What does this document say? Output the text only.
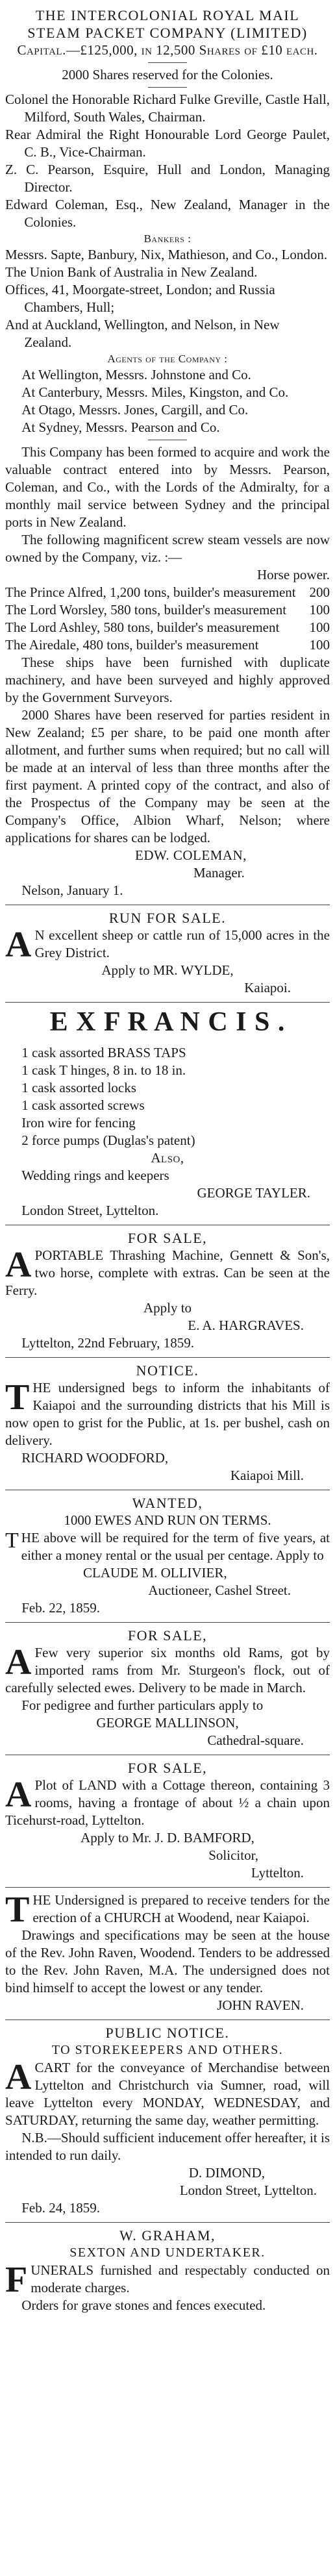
THE INTERCOLONIAL ROYAL MAIL

STEAM PACKET COMPANY (LIMITED)

Capital.—£125,000, in 12,500 Shares of £10 each.

2000 Shares reserved for the Colonies.

Colonel the Honorable Richard Fulke Greville, Castle Hall, Milford, South Wales, Chairman.

Rear Admiral the Right Honourable Lord George Paulet, C. B., Vice-Chairman.

Z. C. Pearson, Esquire, Hull and London, Managing Director.

Edward Coleman, Esq., New Zealand, Manager in the Colonies.

Bankers :

Messrs. Sapte, Banbury, Nix, Mathieson, and Co., London.

The Union Bank of Australia in New Zealand.

Offices, 41, Moorgate-street, London; and Russia Chambers, Hull;

And at Auckland, Wellington, and Nelson, in New Zealand.

Agents of the Company :

At Wellington, Messrs. Johnstone and Co.

At Canterbury, Messrs. Miles, Kingston, and Co.

At Otago, Messrs. Jones, Cargill, and Co.

At Sydney, Messrs. Pearson and Co.

This Company has been formed to acquire and work the valuable contract entered into by Messrs. Pearson, Coleman, and Co., with the Lords of the Admiralty, for a monthly mail service between Sydney and the principal ports in New Zealand.

The following magnificent screw steam vessels are now owned by the Company, viz. :—

Horse power.

The Prince Alfred, 1,200 tons, builder's measurement 200
The Lord Worsley, 580 tons, builder's measurement 100
The Lord Ashley, 580 tons, builder's measurement 100
The Airedale, 480 tons, builder's measurement	100

These ships have been furnished with duplicate machinery, and have been surveyed and highly approved by the Government Surveyors.

2000 Shares have been reserved for parties resident in New Zealand; £5 per share, to be paid one month after allotment, and further sums when required; but no call will be made at an interval of less than three months after the first payment. A printed copy of the contract, and also of the Prospectus of the Company may be seen at the Company's Office, Albion Wharf, Nelson; where applications for shares can be lodged.

EDW. COLEMAN,

Manager.

Nelson, January 1.

RUN FOR SALE.

A N excellent sheep or cattle run of 15,000 acres in the Grey District.

Apply to MR. WYLDE,

Kaiapoi.

E X F R A N C I S .

1 cask assorted BRASS TAPS

1 cask T hinges, 8 in. to 18 in.

1 cask assorted locks

1 cask assorted screws

Iron wire for fencing

2 force pumps (Duglas's patent)

Also,

Wedding rings and keepers

GEORGE TAYLER.

London Street, Lyttelton.

FOR SALE,

A PORTABLE Thrashing Machine, Gennett & Son's, two horse, complete with extras. Can be seen at the Ferry.

Apply to

E. A. HARGRAVES.

Lyttelton, 22nd February, 1859.

NOTICE.

T HE undersigned begs to inform the inhabitants of Kaiapoi and the surrounding districts that his Mill is now open to grist for the Public, at 1s. per bushel, cash on delivery.

RICHARD WOODFORD,

Kaiapoi Mill.

WANTED,

1000 EWES AND RUN ON TERMS.

T HE above will be required for the term of five years, at either a money rental or the usual per centage. Apply to

CLAUDE M. OLLIVIER,

Auctioneer, Cashel Street.

Feb. 22, 1859.

FOR SALE,

A Few very superior six months old Rams, got by imported rams from Mr. Sturgeon's flock, out of carefully selected ewes. Delivery to be made in March.

For pedigree and further particulars apply to

GEORGE MALLINSON,

Cathedral-square.

FOR SALE,

A Plot of LAND with a Cottage thereon, containing 3 rooms, having a frontage of about ½ a chain upon Ticehurst-road, Lyttelton.

Apply to Mr. J. D. BAMFORD,

Solicitor,

Lyttelton.

T HE Undersigned is prepared to receive tenders for the erection of a CHURCH at Woodend, near Kaiapoi.

Drawings and specifications may be seen at the house of the Rev. John Raven, Woodend. Tenders to be addressed to the Rev. John Raven, M.A. The undersigned does not bind himself to accept the lowest or any tender.

JOHN RAVEN.

PUBLIC NOTICE.

TO STOREKEEPERS AND OTHERS.

A CART for the conveyance of Merchandise between Lyttelton and Christchurch via Sumner, road, will leave Lyttelton every MONDAY, WEDNESDAY, and SATURDAY, returning the same day, weather permitting.

N.B.—Should sufficient inducement offer hereafter, it is intended to run daily.

D. DIMOND,

London Street, Lyttelton.

Feb. 24, 1859.

W. GRAHAM,

SEXTON AND UNDERTAKER.

F UNERALS furnished and respectably conducted on moderate charges.

Orders for grave stones and fences executed.
